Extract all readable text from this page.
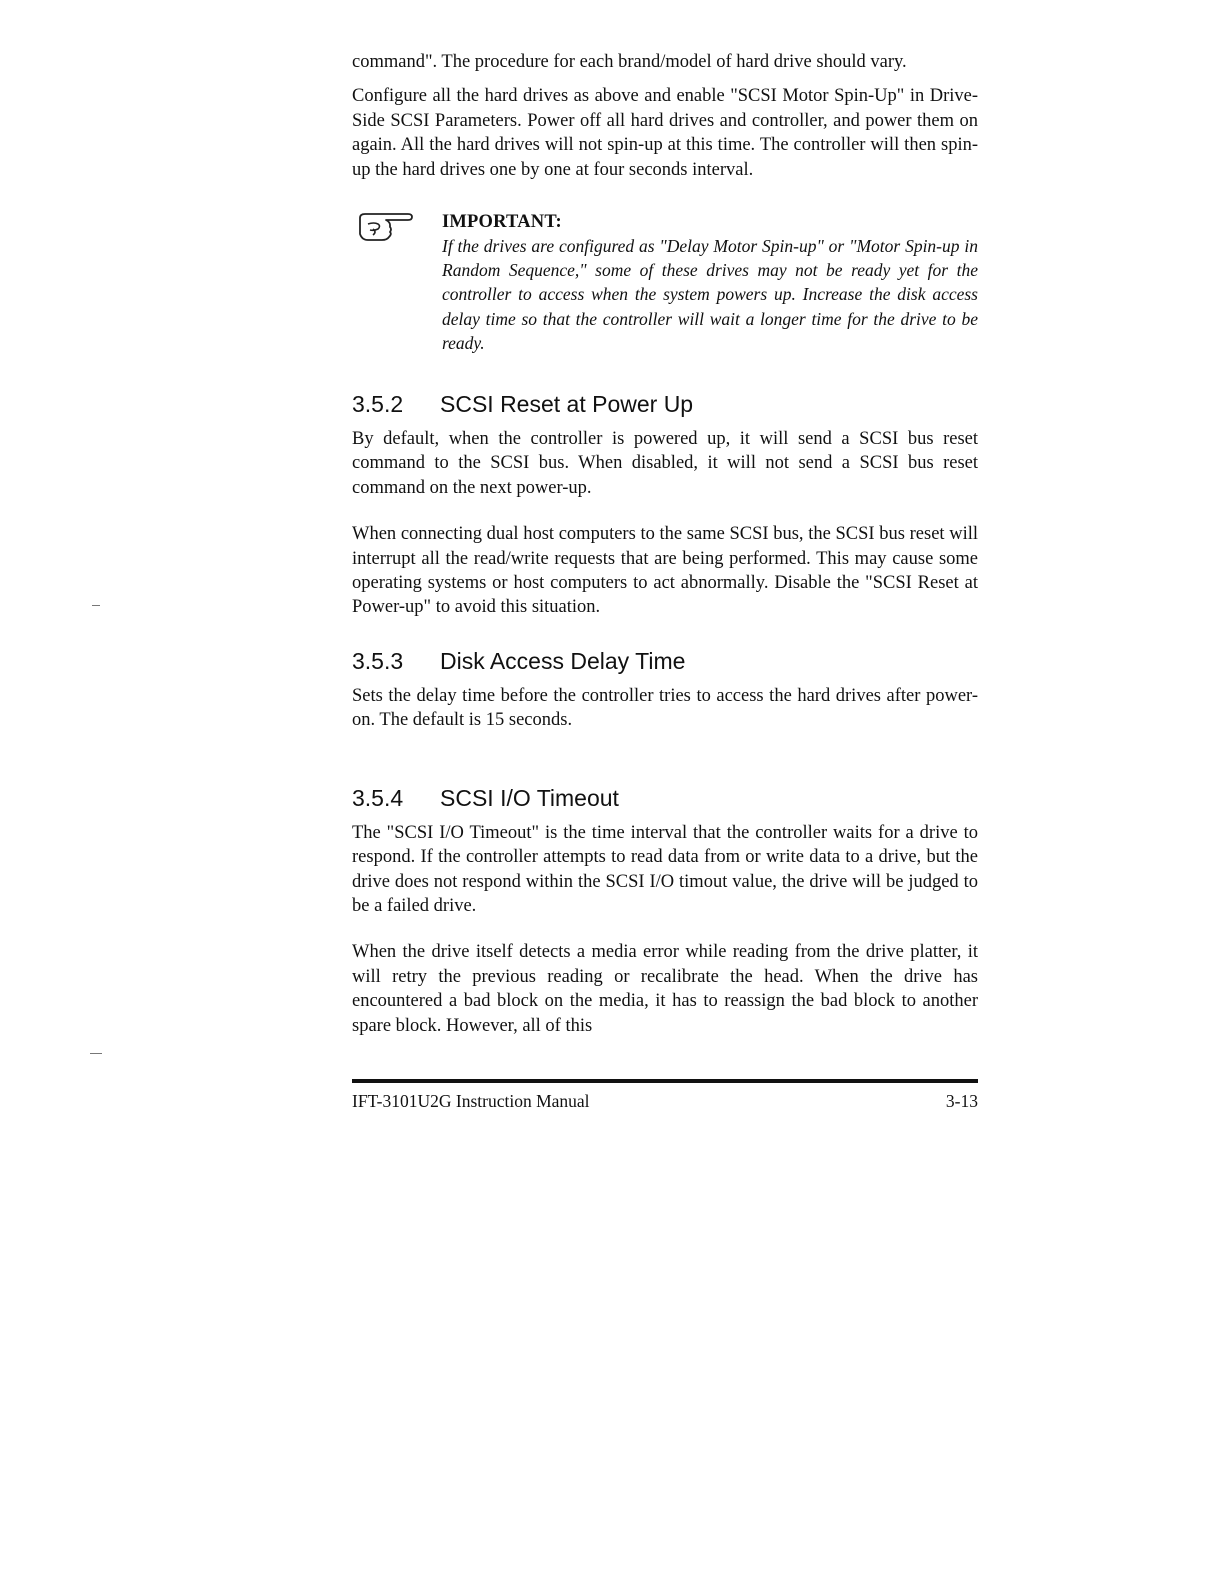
command". The procedure for each brand/model of hard drive should vary.

Configure all the hard drives as above and enable "SCSI Motor Spin-Up" in Drive-Side SCSI Parameters. Power off all hard drives and controller, and power them on again. All the hard drives will not spin-up at this time. The controller will then spin-up the hard drives one by one at four seconds interval.

IMPORTANT:

If the drives are configured as "Delay Motor Spin-up" or "Motor Spin-up in Random Sequence," some of these drives may not be ready yet for the controller to access when the system powers up. Increase the disk access delay time so that the controller will wait a longer time for the drive to be ready.

3.5.2	SCSI Reset at Power Up

By default, when the controller is powered up, it will send a SCSI bus reset command to the SCSI bus. When disabled, it will not send a SCSI bus reset command on the next power-up.

When connecting dual host computers to the same SCSI bus, the SCSI bus reset will interrupt all the read/write requests that are being performed. This may cause some operating systems or host computers to act abnormally. Disable the "SCSI Reset at Power-up" to avoid this situation.

3.5.3	Disk Access Delay Time

Sets the delay time before the controller tries to access the hard drives after power-on. The default is 15 seconds.

3.5.4	SCSI I/O Timeout

The "SCSI I/O Timeout" is the time interval that the controller waits for a drive to respond. If the controller attempts to read data from or write data to a drive, but the drive does not respond within the SCSI I/O timout value, the drive will be judged to be a failed drive.

When the drive itself detects a media error while reading from the drive platter, it will retry the previous reading or recalibrate the head. When the drive has encountered a bad block on the media, it has to reassign the bad block to another spare block. However, all of this

IFT-3101U2G Instruction Manual	3-13
